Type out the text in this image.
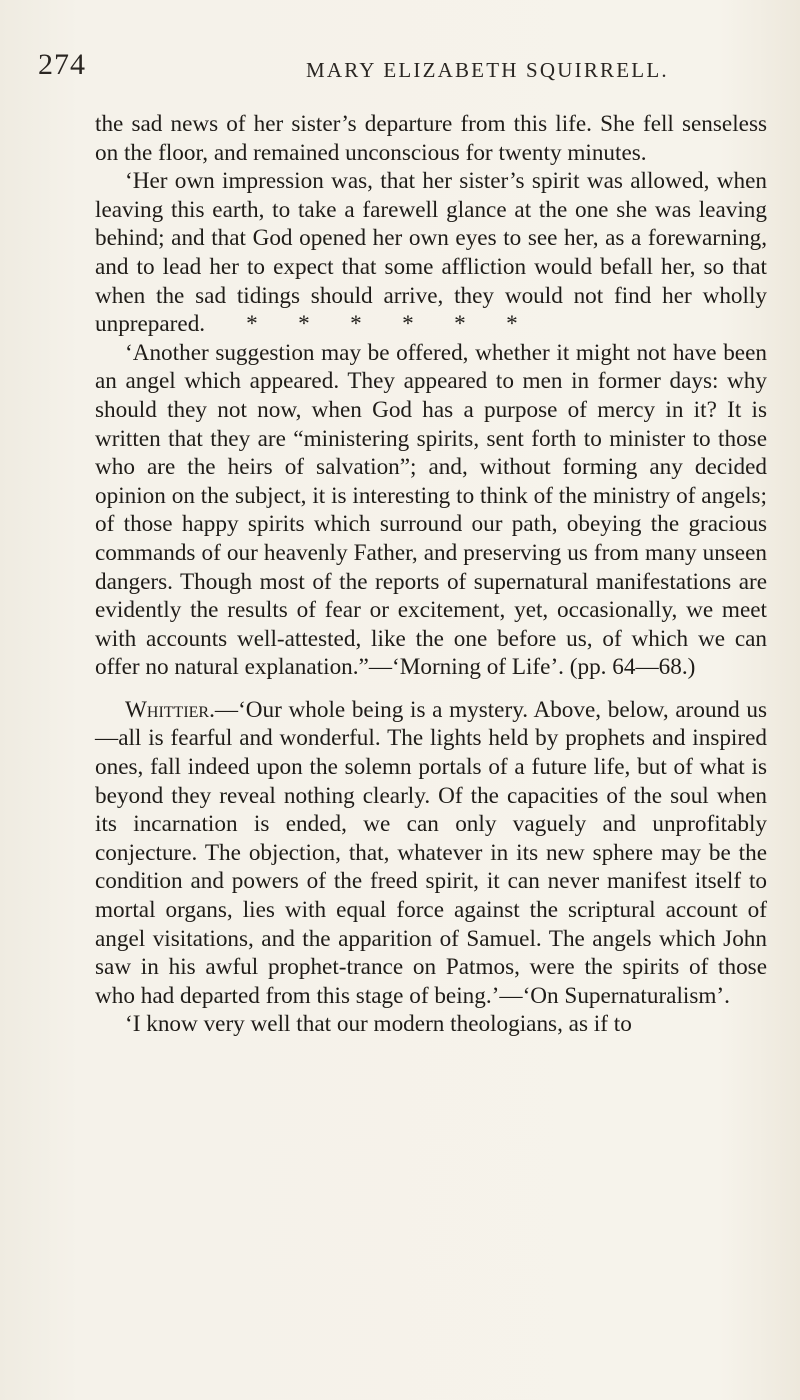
274	MARY ELIZABETH SQUIRRELL.

the sad news of her sister’s departure from this life. She fell senseless on the floor, and remained unconscious for twenty minutes.

‘Her own impression was, that her sister’s spirit was allowed, when leaving this earth, to take a farewell glance at the one she was leaving behind; and that God opened her own eyes to see her, as a forewarning, and to lead her to expect that some affliction would befall her, so that when the sad tidings should arrive, they would not find her wholly unprepared. * * * * * *

‘Another suggestion may be offered, whether it might not have been an angel which appeared. They appeared to men in former days: why should they not now, when God has a purpose of mercy in it? It is written that they are “ministering spirits, sent forth to minister to those who are the heirs of salvation”; and, without forming any decided opinion on the subject, it is interesting to think of the ministry of angels; of those happy spirits which surround our path, obeying the gracious commands of our heavenly Father, and preserving us from many unseen dangers. Though most of the reports of supernatural manifestations are evidently the results of fear or excitement, yet, occasionally, we meet with accounts well-attested, like the one before us, of which we can offer no natural explanation.”—‘Morning of Life’. (pp. 64—68.)

Whittier.—‘Our whole being is a mystery. Above, below, around us—all is fearful and wonderful. The lights held by prophets and inspired ones, fall indeed upon the solemn portals of a future life, but of what is beyond they reveal nothing clearly. Of the capacities of the soul when its incarnation is ended, we can only vaguely and unprofitably conjecture. The objection, that, whatever in its new sphere may be the condition and powers of the freed spirit, it can never manifest itself to mortal organs, lies with equal force against the scriptural account of angel visitations, and the apparition of Samuel. The angels which John saw in his awful prophet-trance on Patmos, were the spirits of those who had departed from this stage of being.’—‘On Supernaturalism’.

‘I know very well that our modern theologians, as if to
